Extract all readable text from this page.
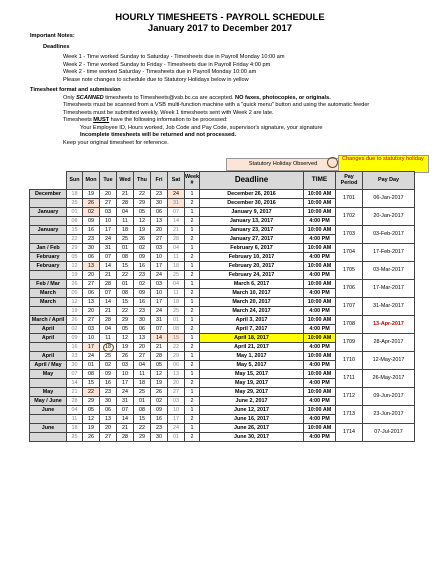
HOURLY TIMESHEETS - PAYROLL SCHEDULE
January 2017 to December 2017
Important Notes:
Deadlines
Week 1 - Time worked Sunday to Saturday - Timesheets due in Payroll Monday 10:00 am
Week 2 - Time worked Sunday to Friday - Timesheets due in Payroll Friday 4:00 pm
Week 2 - time worked Saturday - Timesheets due in Payroll Monday 10:00 am
Please note changes to schedule due to Statutory Holidays below in yellow
Timesheet format and submission
Only SCANNED timesheets to Timesheets@vsb.bc.ca are accepted. NO faxes, photocopies, or originals.
Timesheets must be scanned from a VSB multi-function machine with a "quick menu" button and using the automatic feeder
Timesheets must be submitted weekly. Week 1 timesheets sent with Week 2 are late.
Timesheets MUST have the following information to be processed:
Your Employee ID, Hours worked, Job Code and Pay Code, supervisor's signature, your signature
Incomplete timesheets will be returned and not processed.
Keep your original timesheet for reference.
Statutory Holiday Observed
Changes due to statutory holiday
	Sun	Mon	Tue	Wed	Thu	Fri	Sat	Week #	Deadline	TIME	Pay Period	Pay Day
December	18	19	20	21	22	23	24	1	December 26, 2016	10:00 AM	1701	06-Jan-2017
	25	26	27	28	29	30	31	2	December 30, 2016	10:00 AM		
January	01	02	03	04	05	06	07	1	January 9, 2017	10:00 AM	1702	20-Jan-2017
	08	09	10	11	12	13	14	2	January 13, 2017	4:00 PM		
January	15	16	17	18	19	20	21	1	January 23, 2017	10:00 AM	1703	03-Feb-2017
	22	23	24	25	26	27	28	2	January 27, 2017	4:00 PM		
Jan / Feb	29	30	31	01	02	03	04	1	February 6, 2017	10:00 AM	1704	17-Feb-2017
February	05	06	07	08	09	10	11	2	February 10, 2017	4:00 PM		
February	12	13	14	15	16	17	18	1	February 20, 2017	10:00 AM	1705	03-Mar-2017
	19	20	21	22	23	24	25	2	February 24, 2017	4:00 PM		
Feb / Mar	26	27	28	01	02	03	04	1	March 6, 2017	10:00 AM	1706	17-Mar-2017
March	05	06	07	08	09	10	11	2	March 10, 2017	4:00 PM		
March	12	13	14	15	16	17	18	1	March 20, 2017	10:00 AM	1707	31-Mar-2017
	19	20	21	22	23	24	25	2	March 24, 2017	4:00 PM		
March / April	26	27	28	29	30	31	01	1	April 3, 2017	10:00 AM	1708	13-Apr-2017
April	02	03	04	05	06	07	08	2	April 7, 2017	4:00 PM		
April	09	10	11	12	13	14	15	1	April 18, 2017	10:00 AM	1709	28-Apr-2017
	16	17	18	19	20	21	22	2	April 21, 2017	4:00 PM		
April	23	24	25	26	27	28	29	1	May 1, 2017	10:00 AM	1710	12-May-2017
April / May	30	01	02	03	04	05	06	2	May 5, 2017	4:00 PM		
May	07	08	09	10	11	12	13	1	May 15, 2017	10:00 AM	1711	26-May-2017
	14	15	16	17	18	19	20	2	May 19, 2017	4:00 PM		
May	21	22	23	24	25	26	27	1	May 29, 2017	10:00 AM	1712	09-Jun-2017
May / June	28	29	30	31	01	02	03	2	June 2, 2017	4:00 PM		
June	04	05	06	07	08	09	10	1	June 12, 2017	10:00 AM	1713	23-Jun-2017
	11	12	13	14	15	16	17	2	June 16, 2017	4:00 PM		
June	18	19	20	21	22	23	24	1	June 26, 2017	10:00 AM	1714	07-Jul-2017
	25	26	27	28	29	30	01	2	June 30, 2017	4:00 PM		
